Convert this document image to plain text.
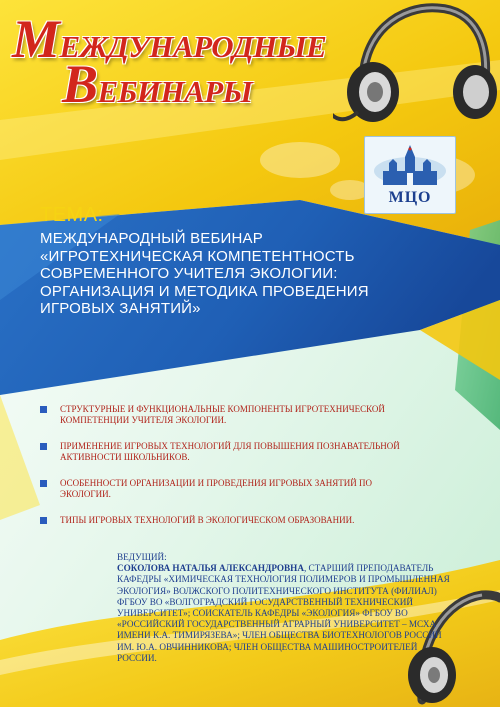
МЕЖДУНАРОДНЫЕ
ВЕБИНАРЫ
МЦО
ТЕМА:
МЕЖДУНАРОДНЫЙ ВЕБИНАР
«ИГРОТЕХНИЧЕСКАЯ КОМПЕТЕНТНОСТЬ
СОВРЕМЕННОГО УЧИТЕЛЯ ЭКОЛОГИИ:
ОРГАНИЗАЦИЯ И МЕТОДИКА ПРОВЕДЕНИЯ
ИГРОВЫХ ЗАНЯТИЙ»
СТРУКТУРНЫЕ И ФУНКЦИОНАЛЬНЫЕ КОМПОНЕНТЫ ИГРОТЕХНИЧЕСКОЙ
КОМПЕТЕНЦИИ УЧИТЕЛЯ ЭКОЛОГИИ.
ПРИМЕНЕНИЕ ИГРОВЫХ ТЕХНОЛОГИЙ ДЛЯ ПОВЫШЕНИЯ ПОЗНАВАТЕЛЬНОЙ
АКТИВНОСТИ ШКОЛЬНИКОВ.
ОСОБЕННОСТИ ОРГАНИЗАЦИИ И ПРОВЕДЕНИЯ ИГРОВЫХ ЗАНЯТИЙ ПО
ЭКОЛОГИИ.
ТИПЫ ИГРОВЫХ ТЕХНОЛОГИЙ В ЭКОЛОГИЧЕСКОМ ОБРАЗОВАНИИ.
ВЕДУЩИЙ:
СОКОЛОВА НАТАЛЬЯ АЛЕКСАНДРОВНА, СТАРШИЙ ПРЕПОДАВАТЕЛЬ
КАФЕДРЫ «ХИМИЧЕСКАЯ ТЕХНОЛОГИЯ ПОЛИМЕРОВ И ПРОМЫШЛЕННАЯ
ЭКОЛОГИЯ» ВОЛЖСКОГО ПОЛИТЕХНИЧЕСКОГО ИНСТИТУТА (ФИЛИАЛ)
ФГБОУ ВО «ВОЛГОГРАДСКИЙ ГОСУДАРСТВЕННЫЙ ТЕХНИЧЕСКИЙ
УНИВЕРСИТЕТ»; СОИСКАТЕЛЬ КАФЕДРЫ «ЭКОЛОГИЯ» ФГБОУ ВО
«РОССИЙСКИЙ ГОСУДАРСТВЕННЫЙ АГРАРНЫЙ УНИВЕРСИТЕТ – МСХА
ИМЕНИ К.А. ТИМИРЯЗЕВА»; ЧЛЕН ОБЩЕСТВА БИОТЕХНОЛОГОВ РОССИИ
ИМ. Ю.А. ОВЧИННИКОВА; ЧЛЕН ОБЩЕСТВА МАШИНОСТРОИТЕЛЕЙ
РОССИИ.
